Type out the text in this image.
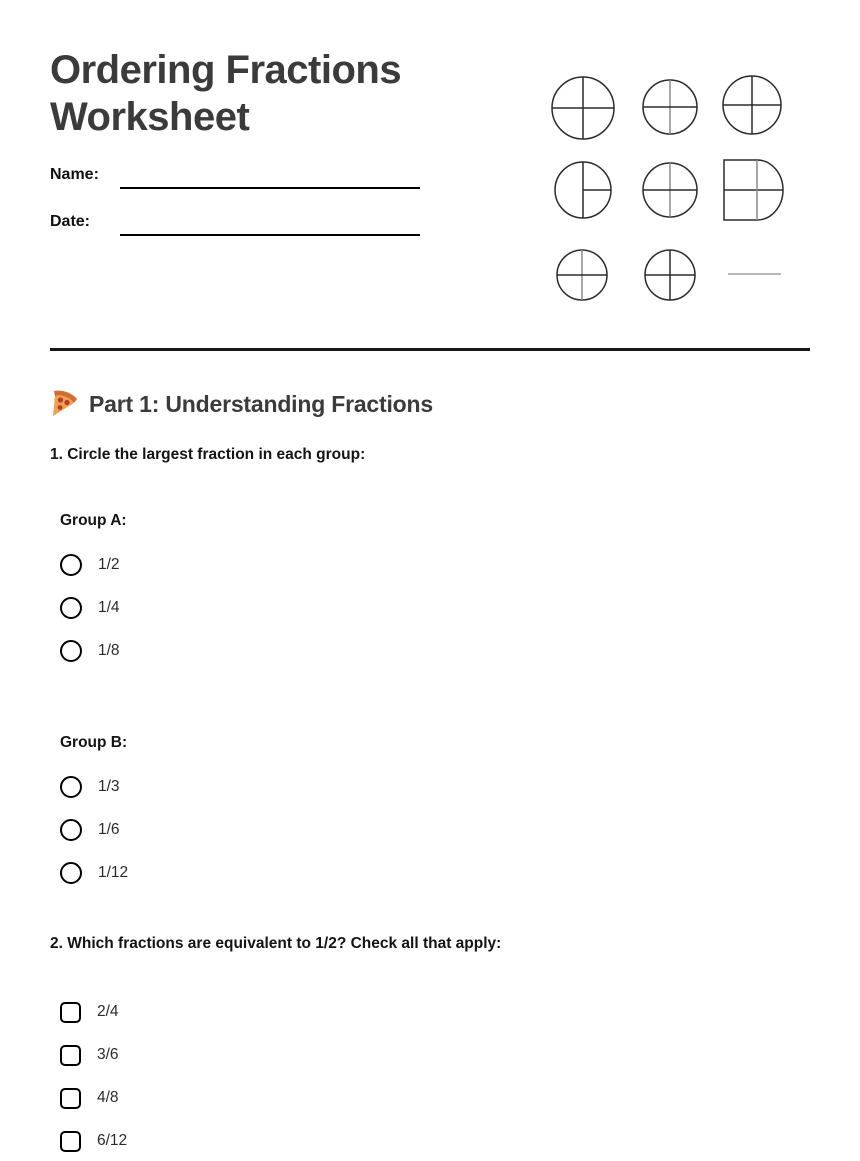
Ordering Fractions Worksheet
Name:
Date:
Part 1: Understanding Fractions
1. Circle the largest fraction in each group:
Group A:
1/2
1/4
1/8
Group B:
1/3
1/6
1/12
2. Which fractions are equivalent to 1/2? Check all that apply:
2/4
3/6
4/8
6/12
